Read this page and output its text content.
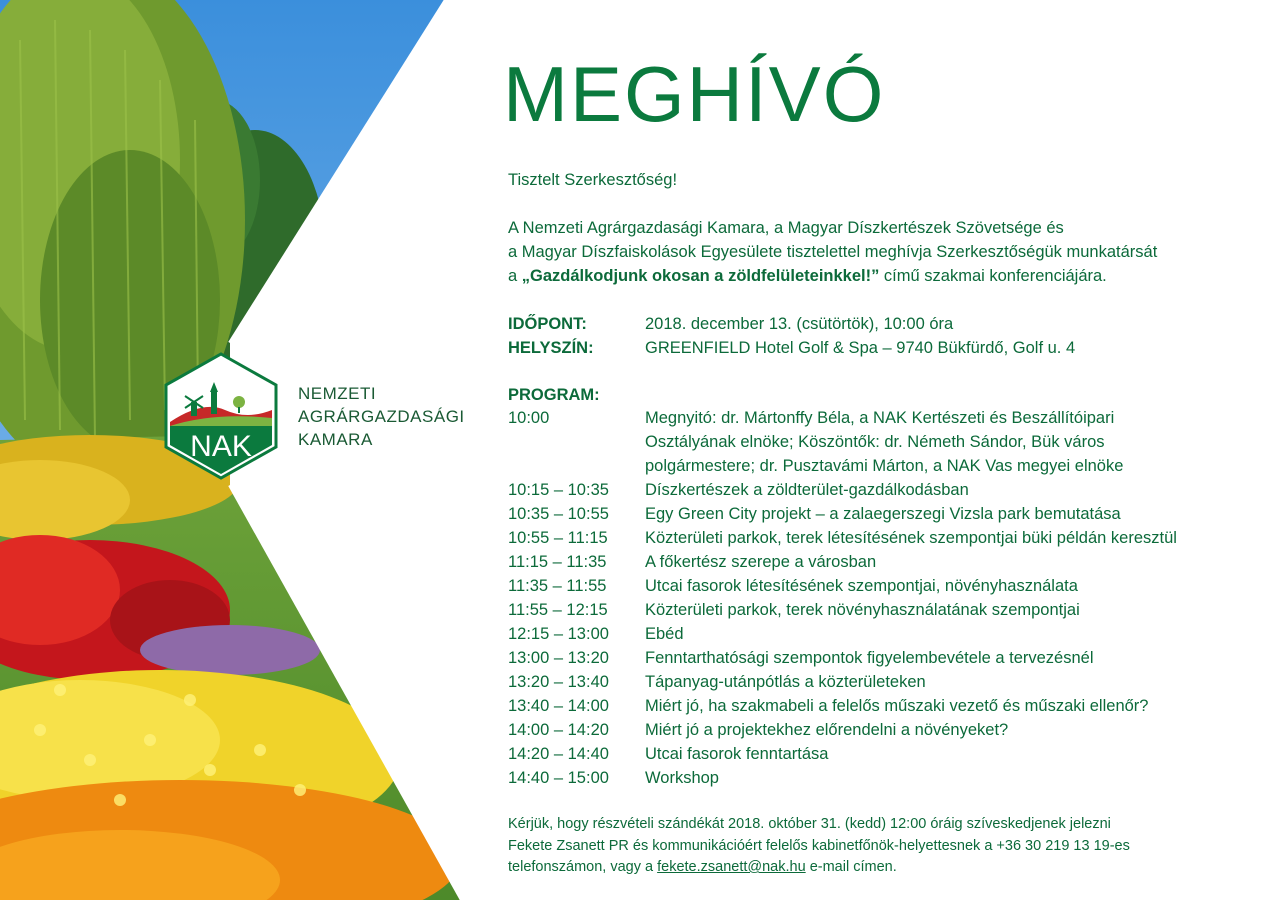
NAK
NEMZETI
AGRÁRGAZDASÁGI
KAMARA
MEGHÍVÓ
Tisztelt Szerkesztőség!
A Nemzeti Agrárgazdasági Kamara, a Magyar Díszkertészek Szövetsége és
a Magyar Díszfaiskolások Egyesülete tisztelettel meghívja Szerkesztőségük munkatársát
a „Gazdálkodjunk okosan a zöldfelületeinkkel!” című szakmai konferenciájára.
IDŐPONT:	2018. december 13. (csütörtök), 10:00 óra
HELYSZÍN:	GREENFIELD Hotel Golf & Spa – 9740 Bükfürdő, Golf u. 4
PROGRAM:
10:00	Megnyitó: dr. Mártonffy Béla, a NAK Kertészeti és Beszállítóipari
Osztályának elnöke; Köszöntők: dr. Németh Sándor, Bük város
polgármestere; dr. Pusztavámi Márton, a NAK Vas megyei elnöke
10:15 – 10:35 Díszkertészek a zöldterület-gazdálkodásban
10:35 – 10:55 Egy Green City projekt – a zalaegerszegi Vizsla park bemutatása
10:55 – 11:15 Közterületi parkok, terek létesítésének szempontjai büki példán keresztül
11:15 – 11:35 A főkertész szerepe a városban
11:35 – 11:55 Utcai fasorok létesítésének szempontjai, növényhasználata
11:55 – 12:15 Közterületi parkok, terek növényhasználatának szempontjai
12:15 – 13:00 Ebéd
13:00 – 13:20 Fenntarthatósági szempontok figyelembevétele a tervezésnél
13:20 – 13:40 Tápanyag-utánpótlás a közterületeken
13:40 – 14:00 Miért jó, ha szakmabeli a felelős műszaki vezető és műszaki ellenőr?
14:00 – 14:20 Miért jó a projektekhez előrendelni a növényeket?
14:20 – 14:40 Utcai fasorok fenntartása
14:40 – 15:00 Workshop
Kérjük, hogy részvételi szándékát 2018. október 31. (kedd) 12:00 óráig szíveskedjenek jelezni
Fekete Zsanett PR és kommunikációért felelős kabinetfőnök-helyettesnek a +36 30 219 13 19-es
telefonszámon, vagy a fekete.zsanett@nak.hu e-mail címen.
